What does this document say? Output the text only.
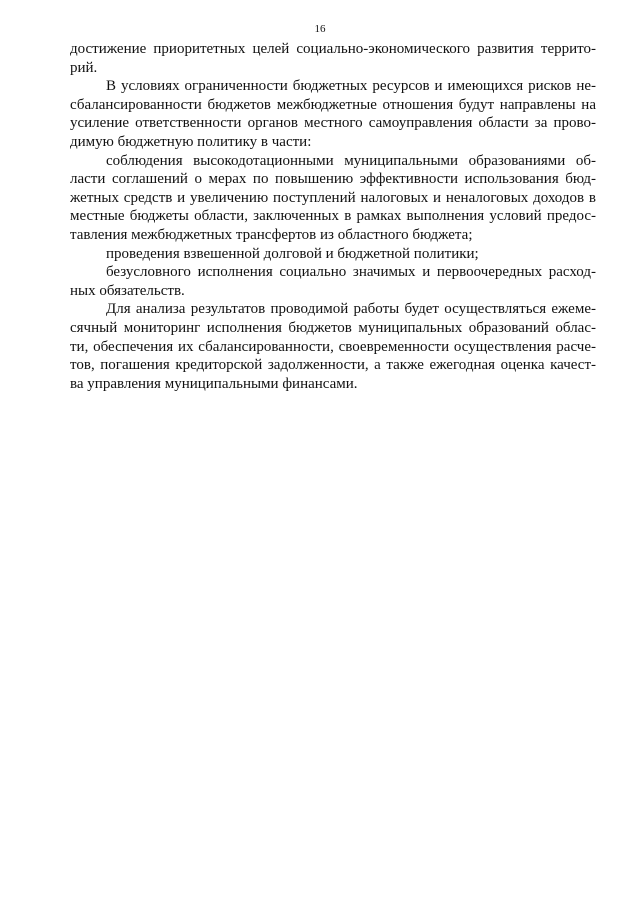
16
достижение приоритетных целей социально-экономического развития террито-
рий.
В условиях ограниченности бюджетных ресурсов и имеющихся рисков не-
сбалансированности бюджетов межбюджетные отношения будут направлены на
усиление ответственности органов местного самоуправления области за прово-
димую бюджетную политику в части:
соблюдения высокодотационными муниципальными образованиями об-
ласти соглашений о мерах по повышению эффективности использования бюд-
жетных средств и увеличению поступлений налоговых и неналоговых доходов в
местные бюджеты области, заключенных в рамках выполнения условий предос-
тавления межбюджетных трансфертов из областного бюджета;
проведения взвешенной долговой и бюджетной политики;
безусловного исполнения социально значимых и первоочередных расход-
ных обязательств.
Для анализа результатов проводимой работы будет осуществляться ежеме-
сячный мониторинг исполнения бюджетов муниципальных образований облас-
ти, обеспечения их сбалансированности, своевременности осуществления расче-
тов, погашения кредиторской задолженности, а также ежегодная оценка качест-
ва управления муниципальными финансами.
